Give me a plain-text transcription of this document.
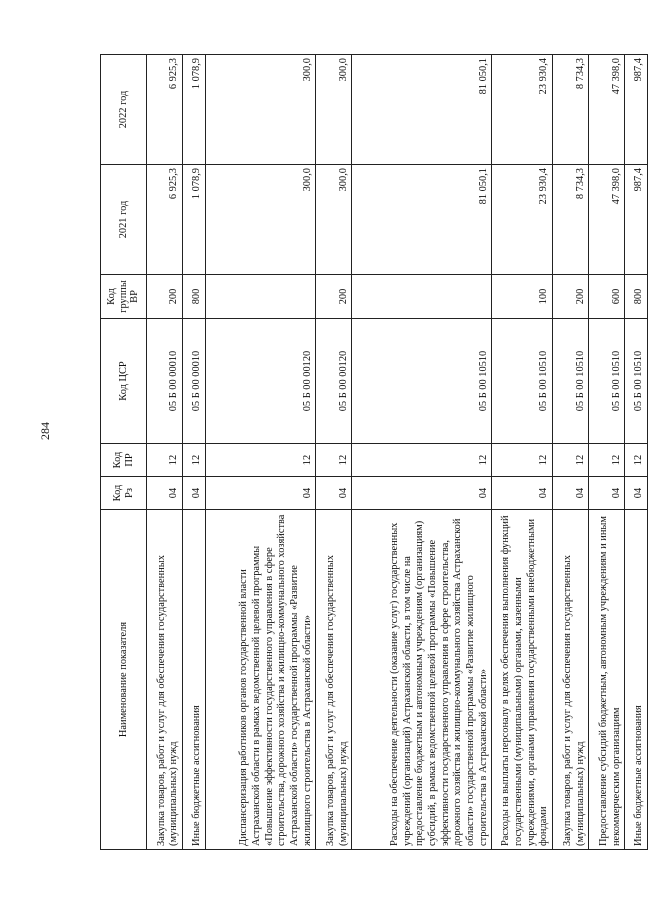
284
Наименование показателя	Код Рз	Код ПР	Код ЦСР	Код группы ВР	2021 год	2022 год
Закупка товаров, работ и услуг для обеспечения государственных (муниципальных) нужд	04	12	05 Б 00 00010	200	6 925,3	6 925,3
Иные бюджетные ассигнования	04	12	05 Б 00 00010	800	1 078,9	1 078,9
Диспансеризация работников органов государственной власти Астраханской области в рамках ведомственной целевой программы «Повышение эффективности государственного управления в сфере строительства, дорожного хозяйства и жилищно-коммунального хозяйства Астраханской области» государственной программы «Развитие жилищного строительства в Астраханской области»	04	12	05 Б 00 00120		300,0	300,0
Закупка товаров, работ и услуг для обеспечения государственных (муниципальных) нужд	04	12	05 Б 00 00120	200	300,0	300,0
Расходы на обеспечение деятельности (оказание услуг) государственных учреждений (организаций) Астраханской области, в том числе на предоставление бюджетным и автономным учреждениям (организациям) субсидий, в рамках ведомственной целевой программы «Повышение эффективности государственного управления в сфере строительства, дорожного хозяйства и жилищно-коммунального хозяйства Астраханской области» государственной программы «Развитие жилищного строительства в Астраханской области»	04	12	05 Б 00 10510		81 050,1	81 050,1
Расходы на выплаты персоналу в целях обеспечения выполнения функций государственными (муниципальными) органами, казенными учреждениями, органами управления государственными внебюджетными фондами	04	12	05 Б 00 10510	100	23 930,4	23 930,4
Закупка товаров, работ и услуг для обеспечения государственных (муниципальных) нужд	04	12	05 Б 00 10510	200	8 734,3	8 734,3
Предоставление субсидий бюджетным, автономным учреждениям и иным некоммерческим организациям	04	12	05 Б 00 10510	600	47 398,0	47 398,0
Иные бюджетные ассигнования	04	12	05 Б 00 10510	800	987,4	987,4
